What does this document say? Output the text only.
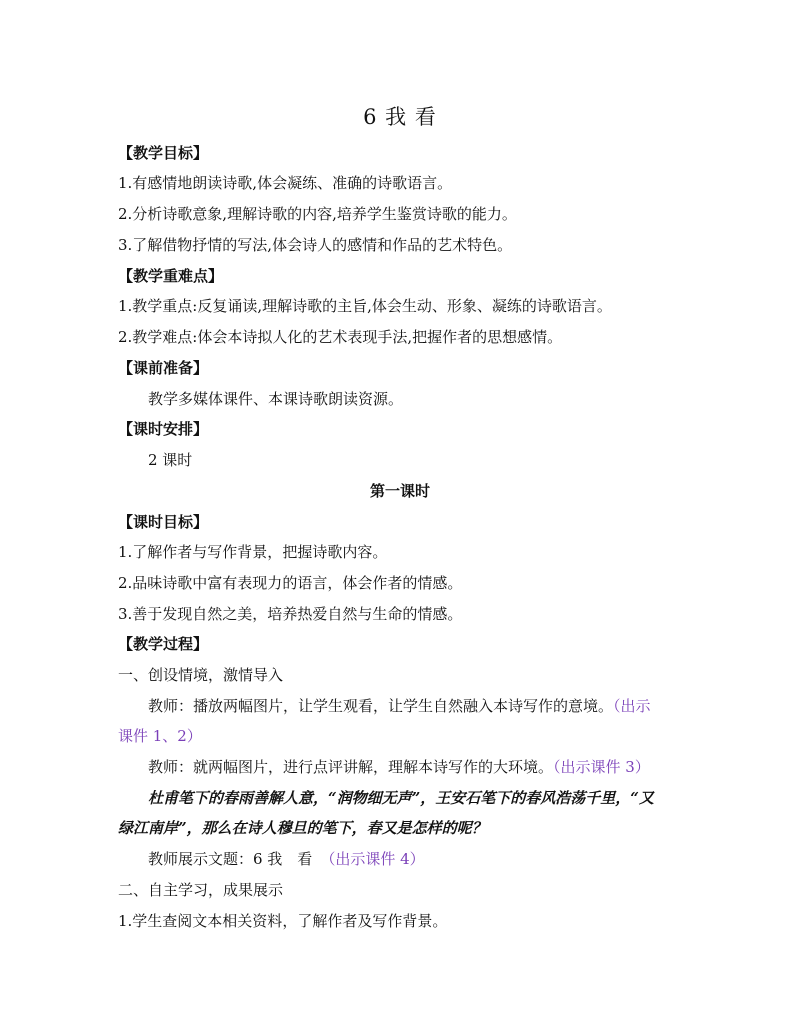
6 我 看
【教学目标】
1.有感情地朗读诗歌,体会凝练、准确的诗歌语言。
2.分析诗歌意象,理解诗歌的内容,培养学生鉴赏诗歌的能力。
3.了解借物抒情的写法,体会诗人的感情和作品的艺术特色。
【教学重难点】
1.教学重点:反复诵读,理解诗歌的主旨,体会生动、形象、凝练的诗歌语言。
2.教学难点:体会本诗拟人化的艺术表现手法,把握作者的思想感情。
【课前准备】
教学多媒体课件、本课诗歌朗读资源。
【课时安排】
2 课时
第一课时
【课时目标】
1.了解作者与写作背景，把握诗歌内容。
2.品味诗歌中富有表现力的语言，体会作者的情感。
3.善于发现自然之美，培养热爱自然与生命的情感。
【教学过程】
一、创设情境，激情导入
教师：播放两幅图片，让学生观看，让学生自然融入本诗写作的意境。（出示
课件 1、2）
教师：就两幅图片，进行点评讲解，理解本诗写作的大环境。（出示课件 3）
杜甫笔下的春雨善解人意，“润物细无声”，王安石笔下的春风浩荡千里，“又
绿江南岸”，那么在诗人穆旦的笔下，春又是怎样的呢？
教师展示文题：6 我　看 （出示课件 4）
二、自主学习，成果展示
1.学生查阅文本相关资料，了解作者及写作背景。
